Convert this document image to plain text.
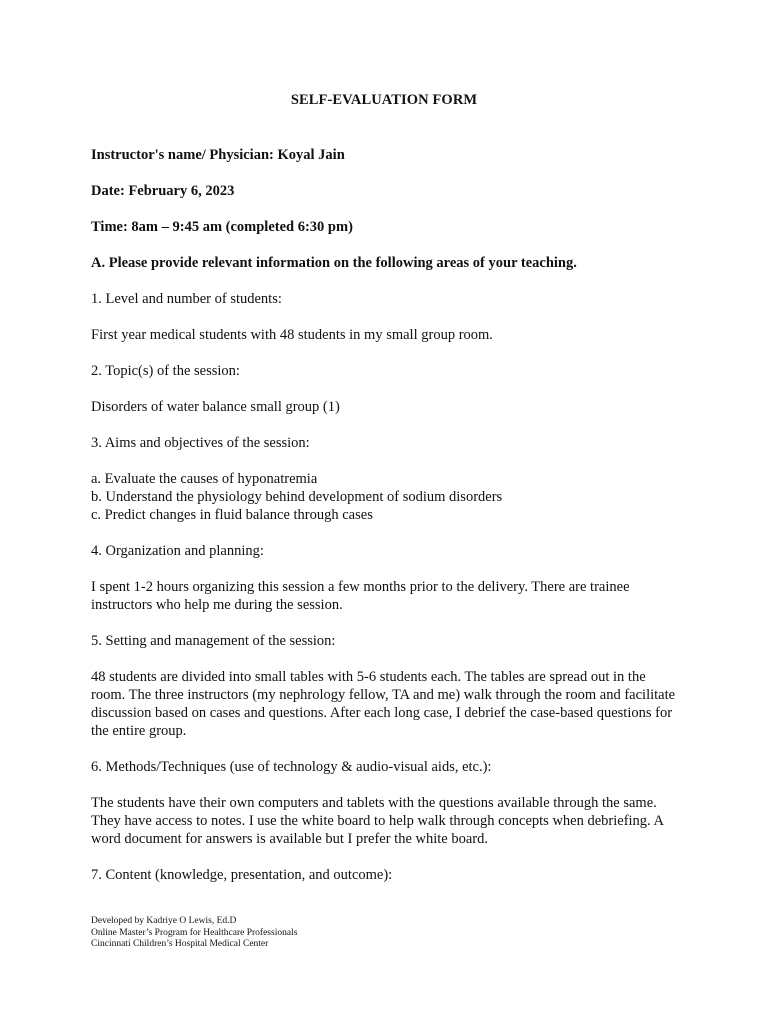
SELF-EVALUATION FORM

Instructor's name/ Physician: Koyal Jain

Date: February 6, 2023

Time: 8am – 9:45 am (completed 6:30 pm)

A. Please provide relevant information on the following areas of your teaching.

1. Level and number of students:

First year medical students with 48 students in my small group room.

2. Topic(s) of the session:

Disorders of water balance small group (1)

3. Aims and objectives of the session:

a. Evaluate the causes of hyponatremia
b. Understand the physiology behind development of sodium disorders
c. Predict changes in fluid balance through cases

4. Organization and planning:

I spent 1-2 hours organizing this session a few months prior to the delivery. There are trainee instructors who help me during the session.

5. Setting and management of the session:

48 students are divided into small tables with 5-6 students each. The tables are spread out in the room. The three instructors (my nephrology fellow, TA and me) walk through the room and facilitate discussion based on cases and questions. After each long case, I debrief the case-based questions for the entire group.

6. Methods/Techniques (use of technology & audio-visual aids, etc.):

The students have their own computers and tablets with the questions available through the same. They have access to notes. I use the white board to help walk through concepts when debriefing. A word document for answers is available but I prefer the white board.

7. Content (knowledge, presentation, and outcome):

Developed by Kadriye O Lewis, Ed.D
Online Master’s Program for Healthcare Professionals
Cincinnati Children’s Hospital Medical Center
